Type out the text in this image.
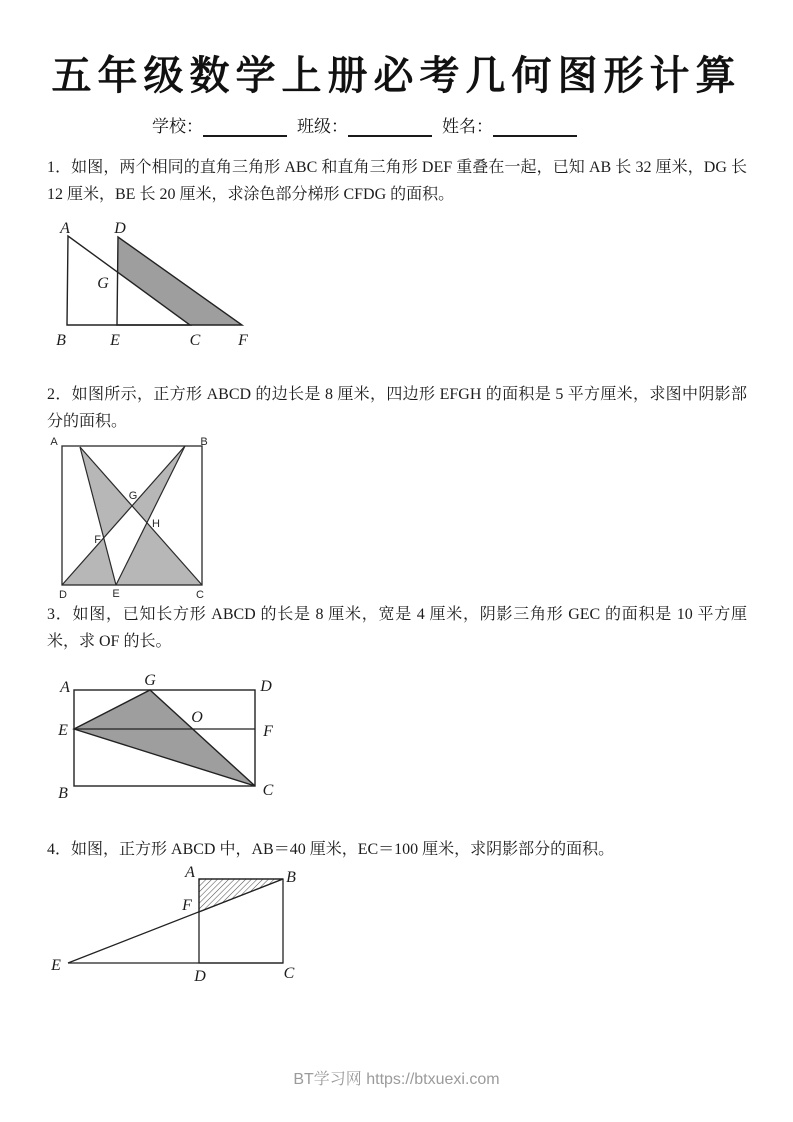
五年级数学上册必考几何图形计算
学校：	班级：	姓名：

1．如图，两个相同的直角三角形 ABC 和直角三角形 DEF 重叠在一起，已知 AB 长 32 厘米，DG 长 12 厘米，BE 长 20 厘米，求涂色部分梯形 CFDG 的面积。

A	D
G
B	E	C F

2．如图所示，正方形 ABCD 的边长是 8 厘米，四边形 EFGH 的面积是 5 平方厘米，求图中阴影部分的面积。

A	B
D	E	C
F
G
H

3．如图，已知长方形 ABCD 的长是 8 厘米，宽是 4 厘米，阴影三角形 GEC 的面积是 10 平方厘米，求 OF 的长。

A	D
B	C
E	F
G
O

4．如图，正方形 ABCD 中，AB＝40 厘米，EC＝100 厘米，求阴影部分的面积。

A	B
F
E
D	C
BT学习网 https://btxuexi.com
